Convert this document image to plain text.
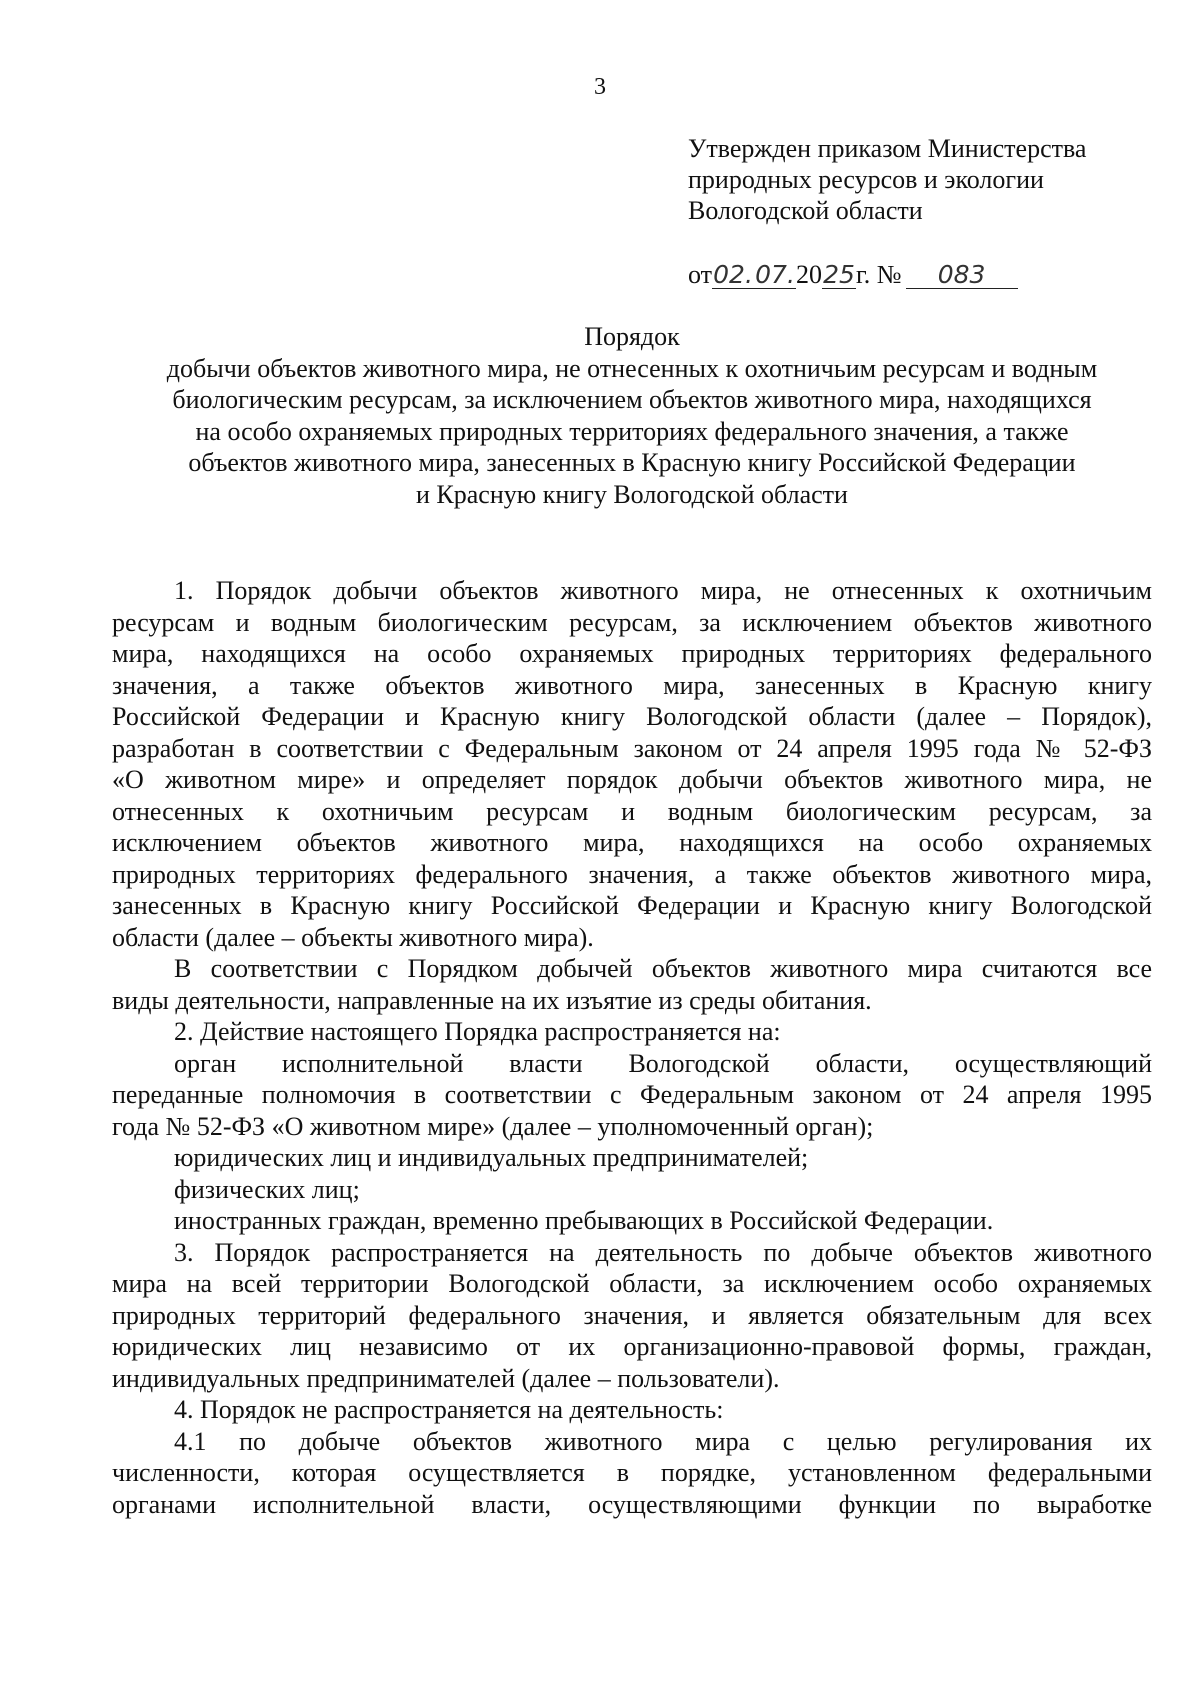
3
Утвержден приказом Министерства
природных ресурсов и экологии
Вологодской области
от02.07.2025г. № 083
Порядок
добычи объектов животного мира, не отнесенных к охотничьим ресурсам и водным
биологическим ресурсам, за исключением объектов животного мира, находящихся
на особо охраняемых природных территориях федерального значения, а также
объектов животного мира, занесенных в Красную книгу Российской Федерации
и Красную книгу Вологодской области
1. Порядок добычи объектов животного мира, не отнесенных к охотничьим
ресурсам и водным биологическим ресурсам, за исключением объектов животного
мира, находящихся на особо охраняемых природных территориях федерального
значения, а также объектов животного мира, занесенных в Красную книгу
Российской Федерации и Красную книгу Вологодской области (далее – Порядок),
разработан в соответствии с Федеральным законом от 24 апреля 1995 года № 52-ФЗ
«О животном мире» и определяет порядок добычи объектов животного мира, не
отнесенных к охотничьим ресурсам и водным биологическим ресурсам, за
исключением объектов животного мира, находящихся на особо охраняемых
природных территориях федерального значения, а также объектов животного мира,
занесенных в Красную книгу Российской Федерации и Красную книгу Вологодской
области (далее – объекты животного мира).
В соответствии с Порядком добычей объектов животного мира считаются все
виды деятельности, направленные на их изъятие из среды обитания.
2. Действие настоящего Порядка распространяется на:
орган исполнительной власти Вологодской области, осуществляющий
переданные полномочия в соответствии с Федеральным законом от 24 апреля 1995
года № 52-ФЗ «О животном мире» (далее – уполномоченный орган);
юридических лиц и индивидуальных предпринимателей;
физических лиц;
иностранных граждан, временно пребывающих в Российской Федерации.
3. Порядок распространяется на деятельность по добыче объектов животного
мира на всей территории Вологодской области, за исключением особо охраняемых
природных территорий федерального значения, и является обязательным для всех
юридических лиц независимо от их организационно-правовой формы, граждан,
индивидуальных предпринимателей (далее – пользователи).
4. Порядок не распространяется на деятельность:
4.1 по добыче объектов животного мира с целью регулирования их
численности, которая осуществляется в порядке, установленном федеральными
органами исполнительной власти, осуществляющими функции по выработке
